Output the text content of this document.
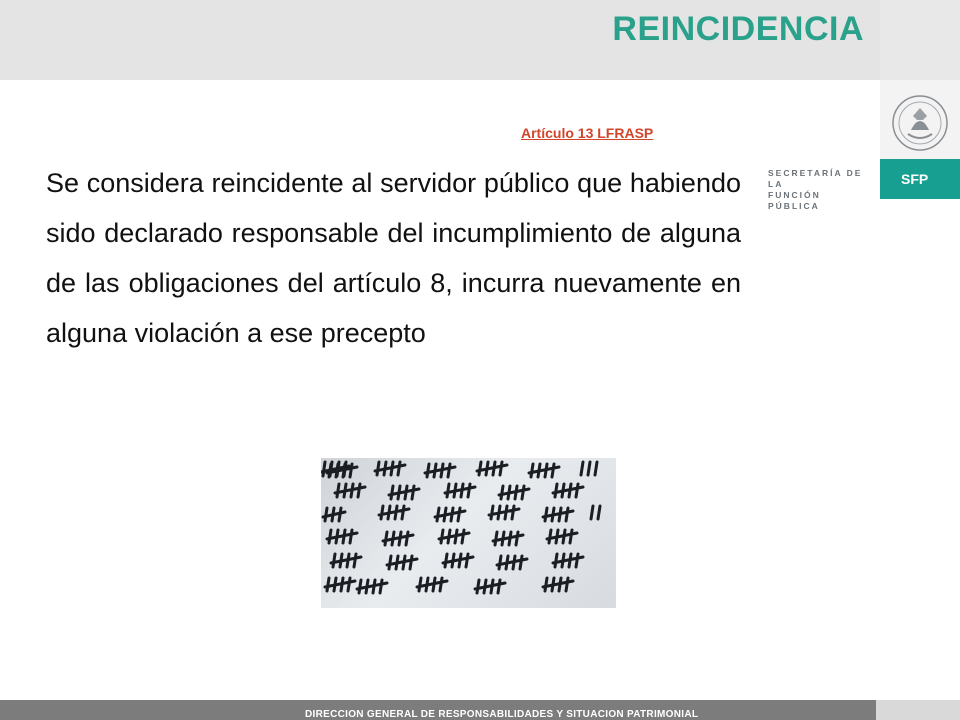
REINCIDENCIA
SECRETARÍA DE LA
FUNCIÓN PÚBLICA
SFP
Artículo 13 LFRASP
Se considera reincidente al servidor público que habiendo sido declarado responsable del incumplimiento de alguna de las obligaciones del artículo 8, incurra nuevamente en alguna violación a ese precepto
DIRECCION GENERAL DE RESPONSABILIDADES Y SITUACION PATRIMONIAL
